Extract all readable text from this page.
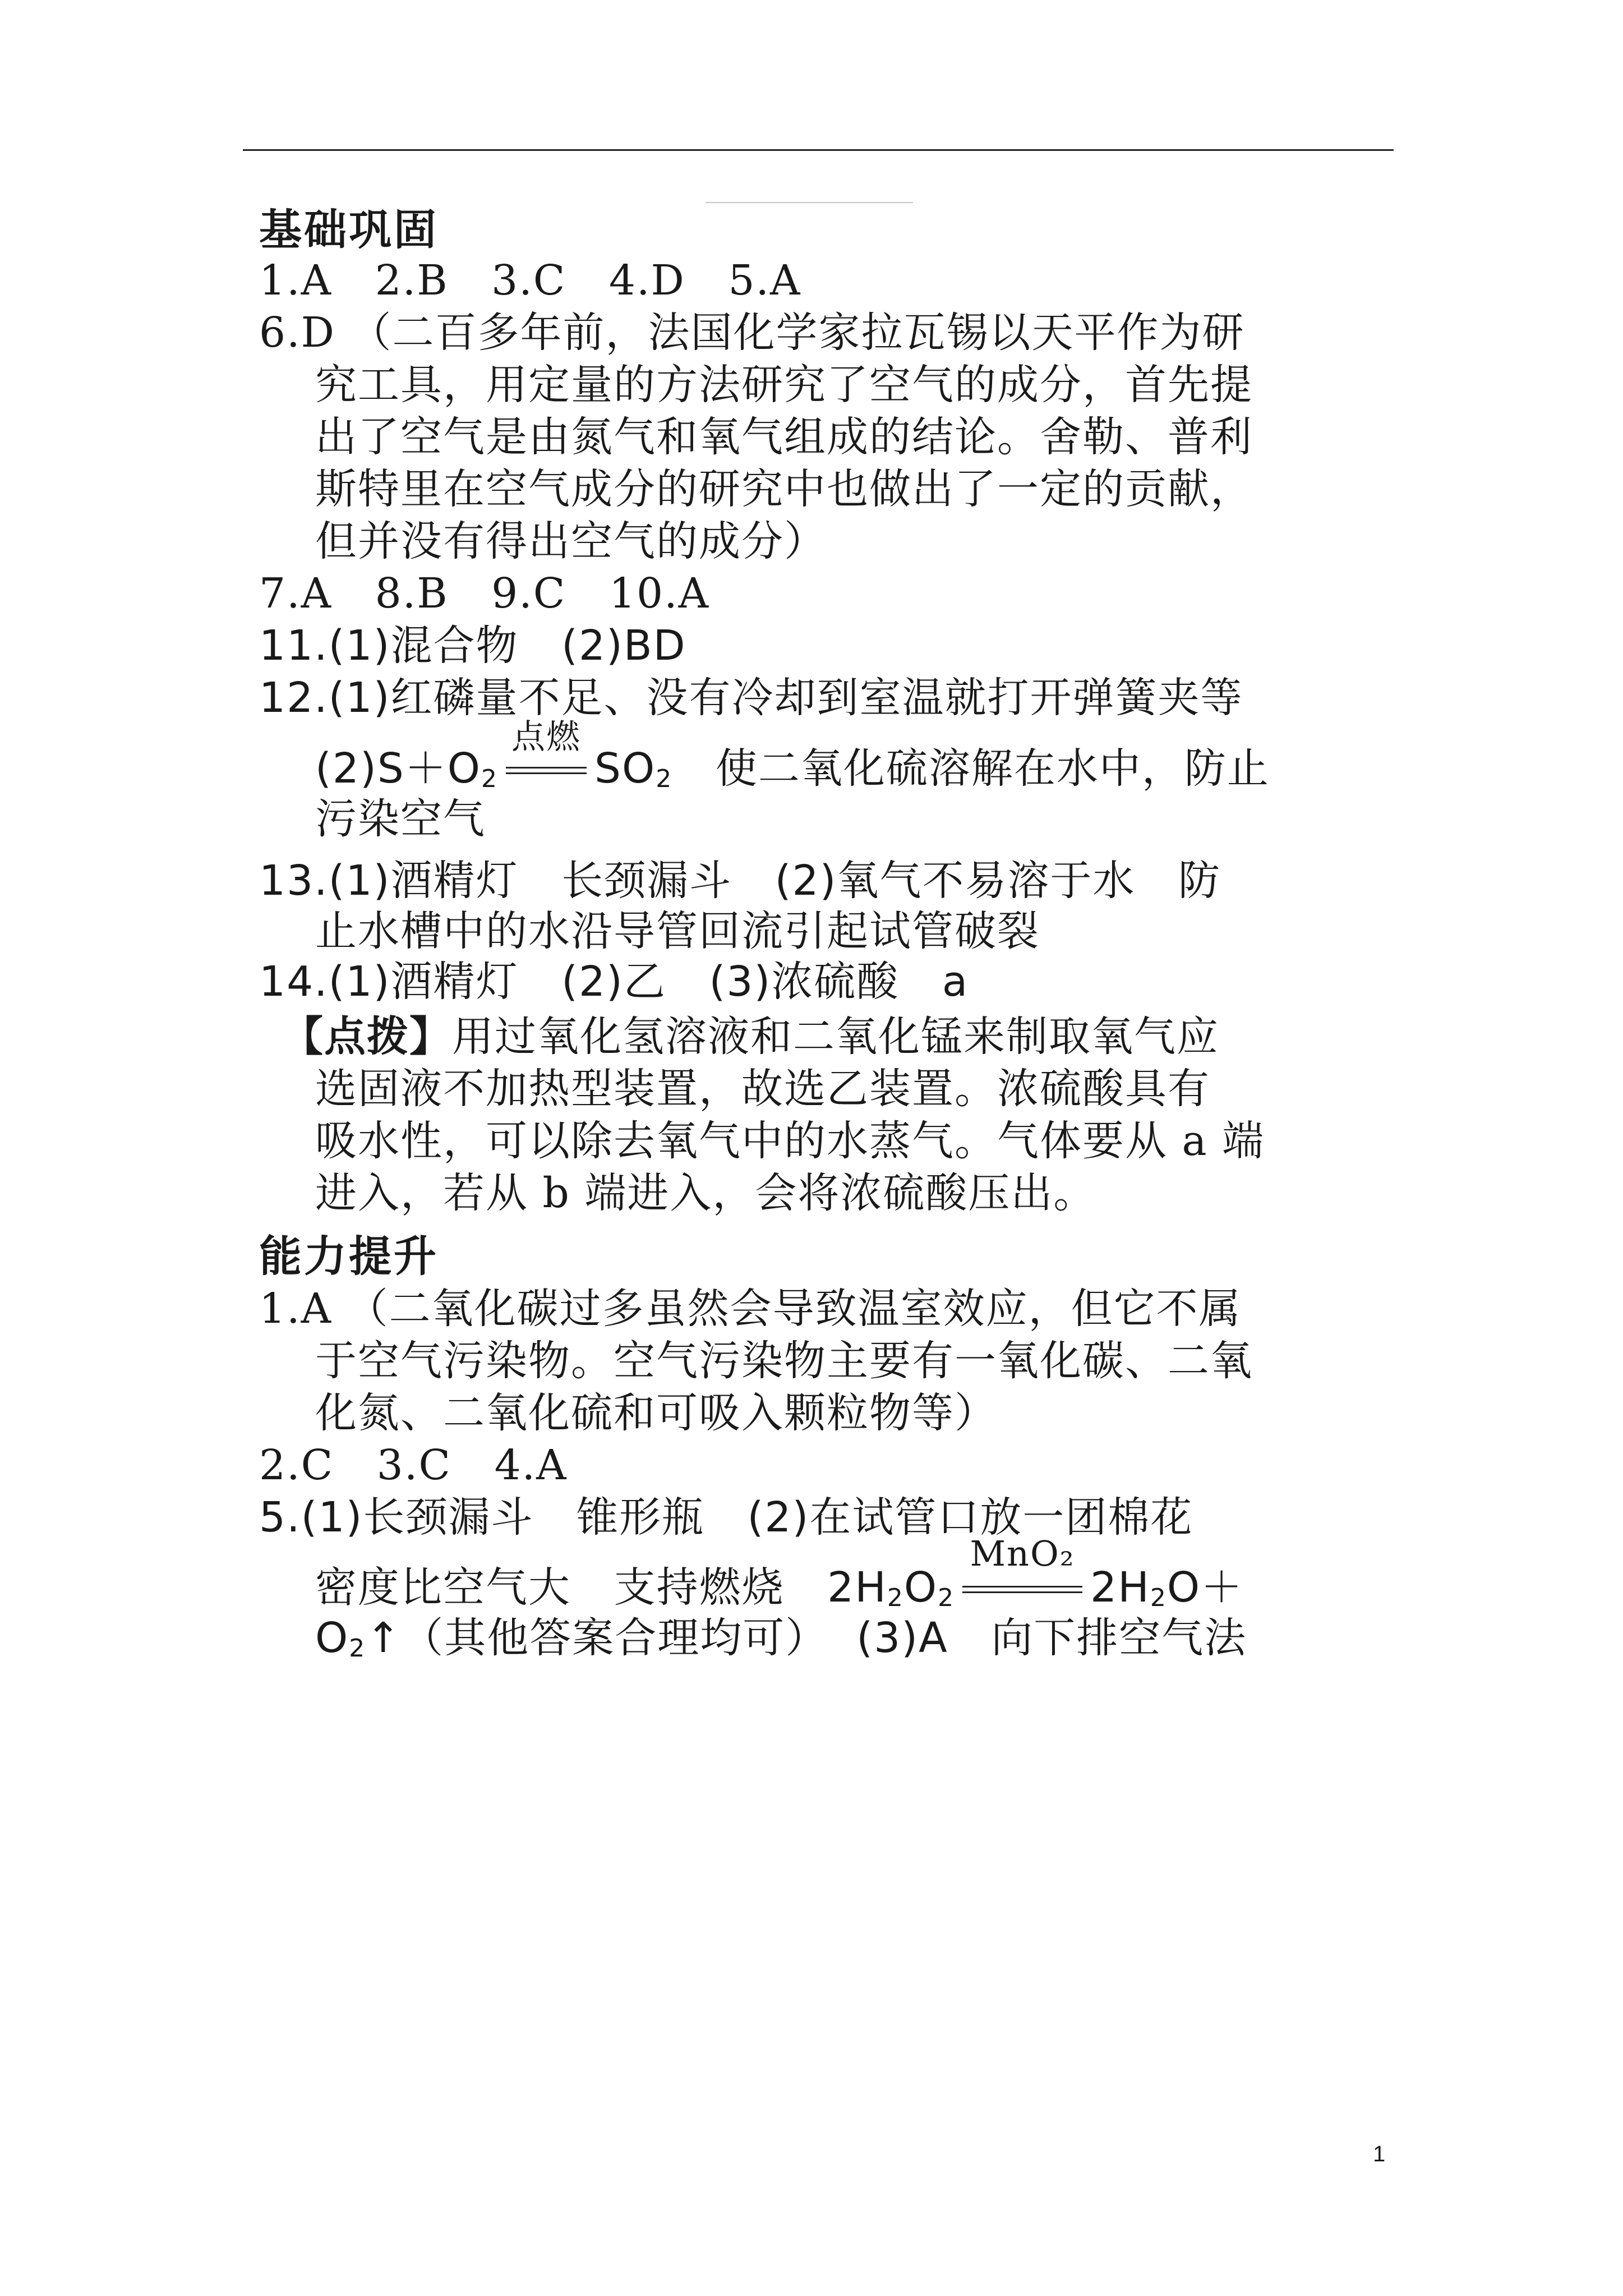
基础巩固
1.A   2.B   3.C   4.D   5.A
6.D （二百多年前，法国化学家拉瓦锡以天平作为研
究工具，用定量的方法研究了空气的成分，首先提
出了空气是由氮气和氧气组成的结论。舍勒、普利
斯特里在空气成分的研究中也做出了一定的贡献，
但并没有得出空气的成分）
7.A   8.B   9.C   10.A
11.(1)混合物   (2)BD
12.(1)红磷量不足、没有冷却到室温就打开弹簧夹等
$(2)S+O_2$
点燃
$SO_2$   使二氧化硫溶解在水中，防止
污染空气
13.(1)酒精灯   长颈漏斗   (2)氧气不易溶于水   防
止水槽中的水沿导管回流引起试管破裂
14.(1)酒精灯   (2)乙   (3)浓硫酸   a
【点拨】用过氧化氢溶液和二氧化锰来制取氧气应
选固液不加热型装置，故选乙装置。浓硫酸具有
吸水性，可以除去氧气中的水蒸气。气体要从 a 端
进入，若从 b 端进入，会将浓硫酸压出。
能力提升
1.A （二氧化碳过多虽然会导致温室效应，但它不属
于空气污染物。空气污染物主要有一氧化碳、二氧
化氮、二氧化硫和可吸入颗粒物等）
2.C   3.C   4.A
5.(1)长颈漏斗   锥形瓶   (2)在试管口放一团棉花
密度比空气大   支持燃烧   $2H_2O_2$
MnO₂
$2H_2O+$
$O_2↑$（其他答案合理均可）  (3)A   向下排空气法
1
